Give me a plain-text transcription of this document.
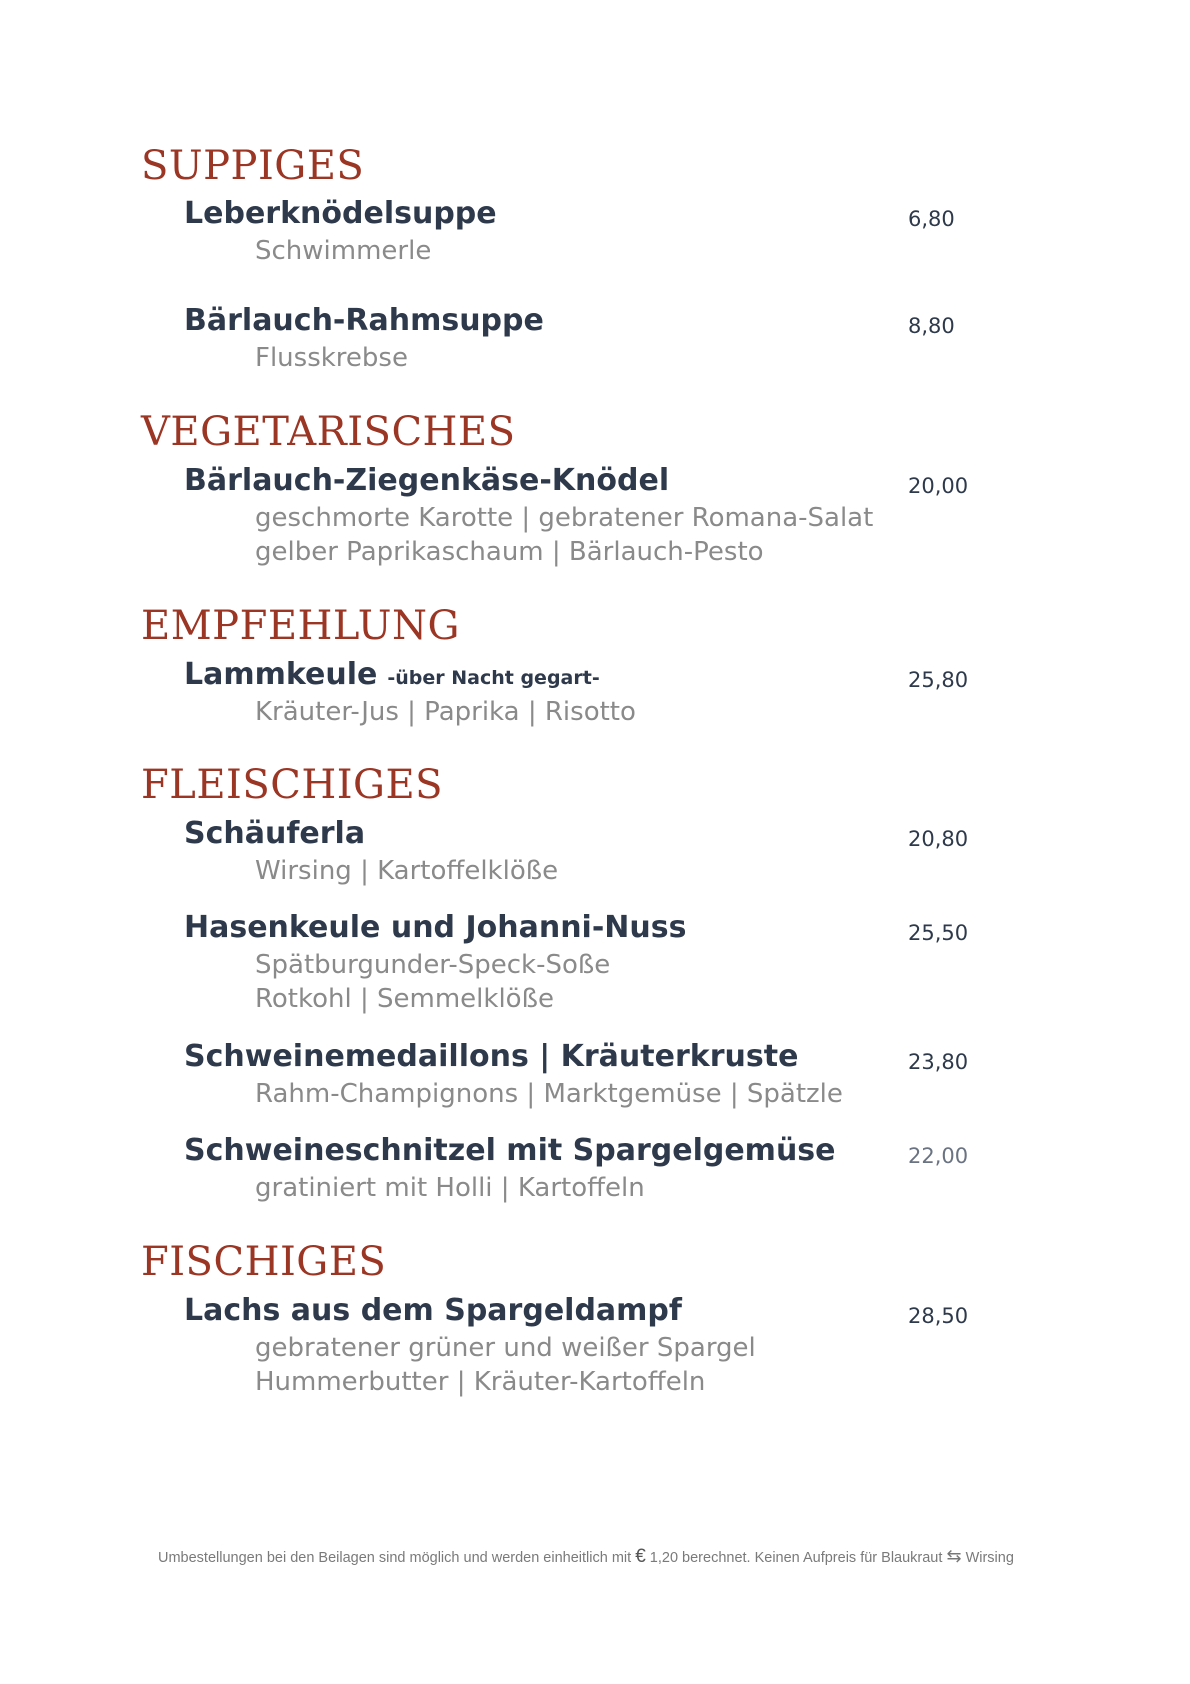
SUPPIGES
Leberknödelsuppe	6,80
Schwimmerle
Bärlauch-Rahmsuppe	8,80
Flusskrebse
VEGETARISCHES
Bärlauch-Ziegenkäse-Knödel	20,00
geschmorte Karotte | gebratener Romana-Salat
gelber Paprikaschaum | Bärlauch-Pesto
EMPFEHLUNG
Lammkeule -über Nacht gegart-	25,80
Kräuter-Jus | Paprika | Risotto
FLEISCHIGES
Schäuferla	20,80
Wirsing | Kartoffelklöße
Hasenkeule und Johanni-Nuss	25,50
Spätburgunder-Speck-Soße
Rotkohl | Semmelklöße
Schweinemedaillons | Kräuterkruste	23,80
Rahm-Champignons | Marktgemüse | Spätzle
Schweineschnitzel mit Spargelgemüse	22,00
gratiniert mit Holli | Kartoffeln
FISCHIGES
Lachs aus dem Spargeldampf	28,50
gebratener grüner und weißer Spargel
Hummerbutter | Kräuter-Kartoffeln
Umbestellungen bei den Beilagen sind möglich und werden einheitlich mit € 1,20 berechnet. Keinen Aufpreis für Blaukraut ⇆ Wirsing
